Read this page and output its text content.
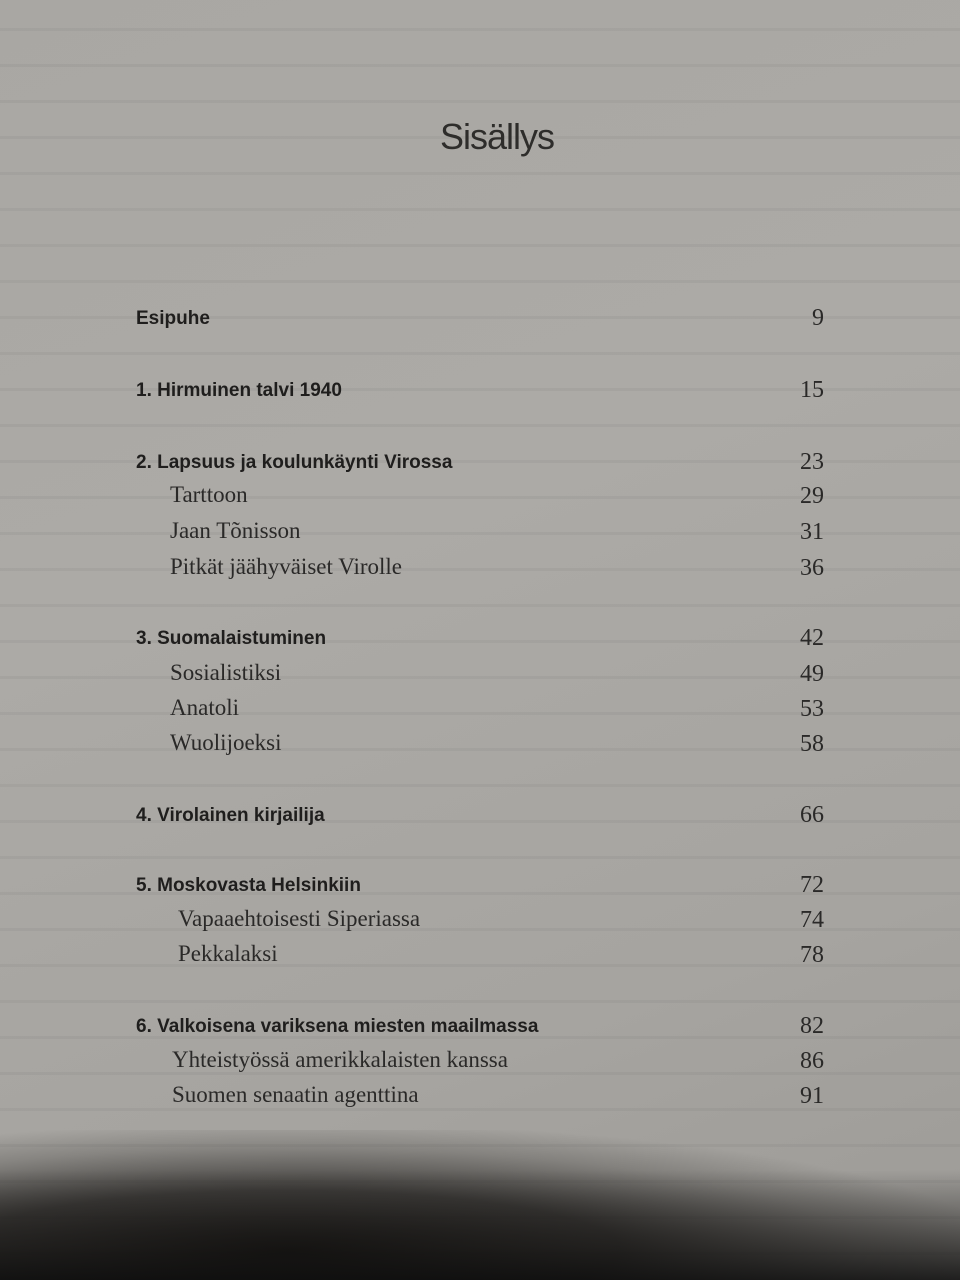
Sisällys
Esipuhe	9
1. Hirmuinen talvi 1940	15
2. Lapsuus ja koulunkäynti Virossa	23
Tarttoon	29
Jaan Tõnisson	31
Pitkät jäähyväiset Virolle	36
3. Suomalaistuminen	42
Sosialistiksi	49
Anatoli	53
Wuolijoeksi	58
4. Virolainen kirjailija	66
5. Moskovasta Helsinkiin	72
Vapaaehtoisesti Siperiassa	74
Pekkalaksi	78
6. Valkoisena variksena miesten maailmassa	82
Yhteistyössä amerikkalaisten kanssa	86
Suomen senaatin agenttina	91
